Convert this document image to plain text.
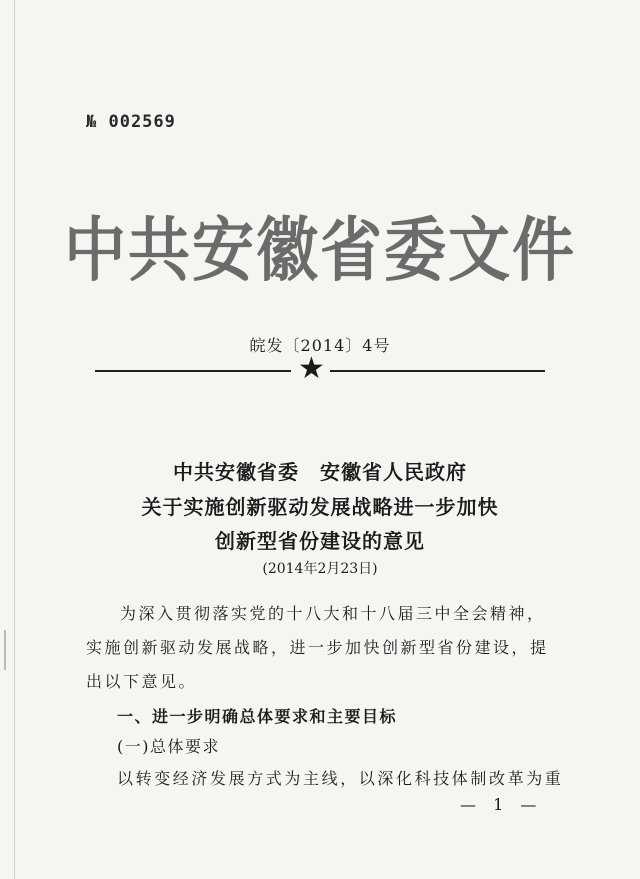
№ 002569
中共安徽省委文件
皖发〔2014〕4号
★
中共安徽省委　安徽省人民政府
关于实施创新驱动发展战略进一步加快
创新型省份建设的意见
(2014年2月23日)
为深入贯彻落实党的十八大和十八届三中全会精神，实施创新驱动发展战略，进一步加快创新型省份建设，提出以下意见。
一、进一步明确总体要求和主要目标
(一)总体要求
以转变经济发展方式为主线，以深化科技体制改革为重
— 1 —
